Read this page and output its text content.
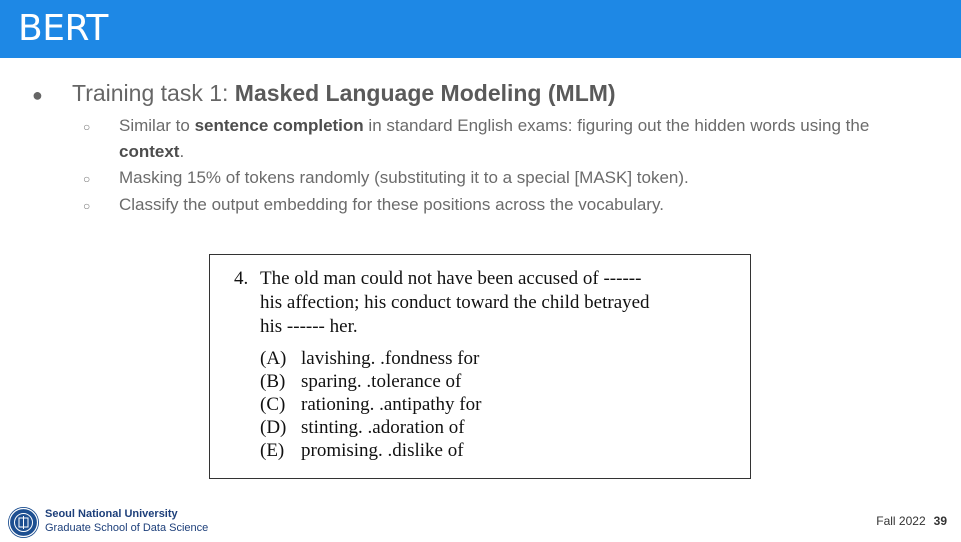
BERT
●	Training task 1: Masked Language Modeling (MLM)
○	Similar to sentence completion in standard English exams: figuring out the hidden words using the
context.
○	Masking 15% of tokens randomly (substituting it to a special [MASK] token).
○	Classify the output embedding for these positions across the vocabulary.
4. The old man could not have been accused of ------
his affection; his conduct toward the child betrayed
his ------ her.
(A) lavishing. .fondness for
(B) sparing. .tolerance of
(C) rationing. .antipathy for
(D) stinting. .adoration of
(E) promising. .dislike of
Seoul National University
Graduate School of Data Science	Fall 2022 39
